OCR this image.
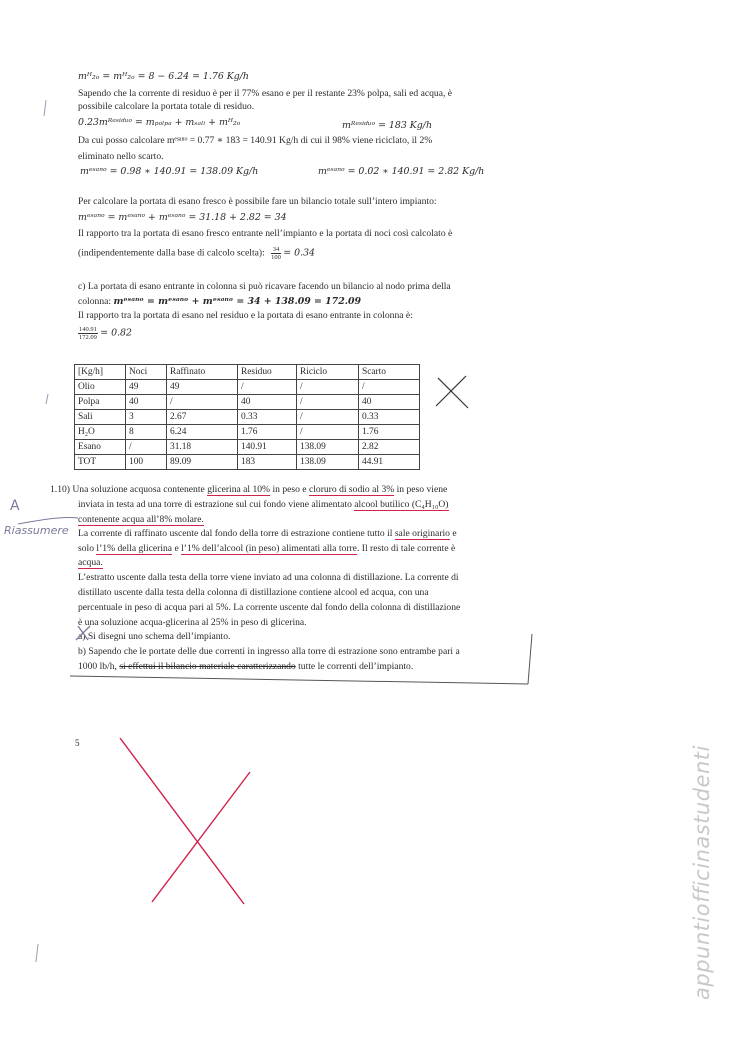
mᴴ₂ₒ = mᴴ₂ₒ = 8 − 6.24 = 1.76 Kg/h
Sapendo che la corrente di residuo è per il 77% esano e per il restante 23% polpa, sali ed acqua, è
possibile calcolare la portata totale di residuo.
0.23mᴿᵉˢⁱᵈᵘᵒ = mₚₒₗₚₐ + mₛₐₗᵢ + mᴴ₂ₒ	mᴿᵉˢⁱᵈᵘᵒ = 183 Kg/h
Da cui posso calcolare mᵉˢᵃⁿᵒ = 0.77 ∗ 183 = 140.91 Kg/h di cui il 98% viene riciclato, il 2%
eliminato nello scarto.
mᵉˢᵃⁿᵒ = 0.98 ∗ 140.91 = 138.09 Kg/h	mᵉˢᵃⁿᵒ = 0.02 ∗ 140.91 = 2.82 Kg/h
Per calcolare la portata di esano fresco è possibile fare un bilancio totale sull’intero impianto:
mᵉˢᵃⁿᵒ = mᵉˢᵃⁿᵒ + mᵉˢᵃⁿᵒ = 31.18 + 2.82 = 34
Il rapporto tra la portata di esano fresco entrante nell’impianto e la portata di noci così calcolato è
(indipendentemente dalla base di calcolo scelta): $\frac{34}{100} = 0.34$
c) La portata di esano entrante in colonna si può ricavare facendo un bilancio al nodo prima della
colonna: mᵉˢᵃⁿᵒ = mᵉˢᵃⁿᵒ + mᵉˢᵃⁿᵒ = 34 + 138.09 = 172.09
Il rapporto tra la portata di esano nel residuo e la portata di esano entrante in colonna è:
$\frac{140.91}{172.09} = 0.82$
[Kg/h]	Noci	Raffinato	Residuo	Riciclo	Scarto
Olio	49	49	/	/	/
Polpa	40	/	40	/	40
Sali	3	2.67	0.33	/	0.33
H₂O	8	6.24	1.76	/	1.76
Esano	/	31.18	140.91	138.09	2.82
TOT	100	89.09	183	138.09	44.91
1.10) Una soluzione acquosa contenente glicerina al 10% in peso e cloruro di sodio al 3% in peso viene
inviata in testa ad una torre di estrazione sul cui fondo viene alimentato alcool butilico (C₄H₁₀O)
contenente acqua all’8% molare.
La corrente di raffinato uscente dal fondo della torre di estrazione contiene tutto il sale originario e
solo l’1% della glicerina e l’1% dell’alcool (in peso) alimentati alla torre. Il resto di tale corrente è
acqua.
L’estratto uscente dalla testa della torre viene inviato ad una colonna di distillazione. La corrente di
distillato uscente dalla testa della colonna di distillazione contiene alcool ed acqua, con una
percentuale in peso di acqua pari al 5%. La corrente uscente dal fondo della colonna di distillazione
è una soluzione acqua-glicerina al 25% in peso di glicerina.
a) Si disegni uno schema dell’impianto.
b) Sapendo che le portate delle due correnti in ingresso alla torre di estrazione sono entrambe pari a
1000 lb/h, si effettui il bilancio materiale caratterizzando tutte le correnti dell’impianto.
A
Riassumere
5
appuntiofficinastudenti
